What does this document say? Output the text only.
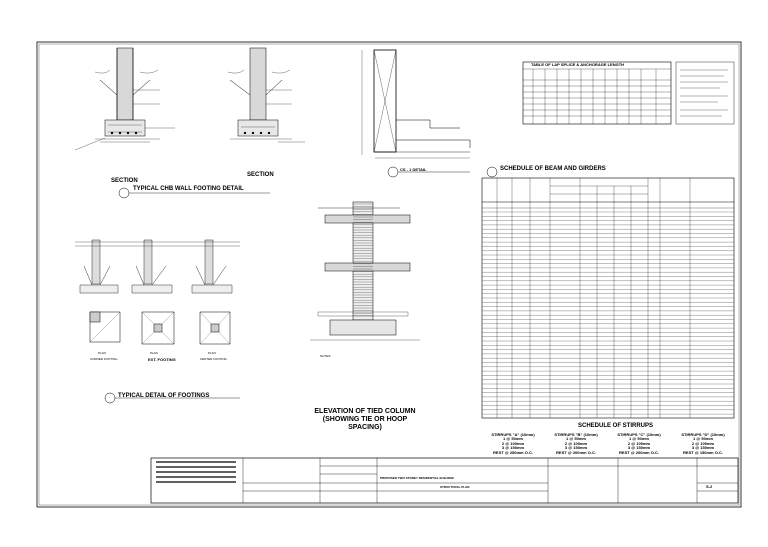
SECTION
SECTION
TYPICAL CHB WALL FOOTING DETAIL
CS - 1 DETAIL
TABLE OF LAP SPLICE & ANCHORAGE LENGTH
SCHEDULE OF BEAM AND GIRDERS
TYPICAL DETAIL OF FOOTINGS
ELEVATION OF TIED COLUMN (SHOWING TIE OR HOOP SPACING)	SCHEDULE OF STIRRUPS
NOTES:
PLAN	PLAN	PLAN
CORNER FOOTING	EXT. FOOTING	CENTER FOOTING
STIRRUPS "A" (10mm)
1 @ 50mm
2 @ 100mm
3 @ 150mm
REST @ 250mm O.C.
STIRRUPS "B" (10mm)
1 @ 50mm
2 @ 100mm
3 @ 150mm
REST @ 200mm O.C.
STIRRUPS "C" (10mm)
1 @ 50mm
2 @ 100mm
3 @ 150mm
REST @ 200mm O.C.
STIRRUPS "D" (10mm)
1 @ 50mm
2 @ 100mm
3 @ 150mm
REST @ 150mm O.C.
PROPOSED TWO STOREY RESIDENTIAL BUILDING
STRUCTURAL PLAN	S-2
